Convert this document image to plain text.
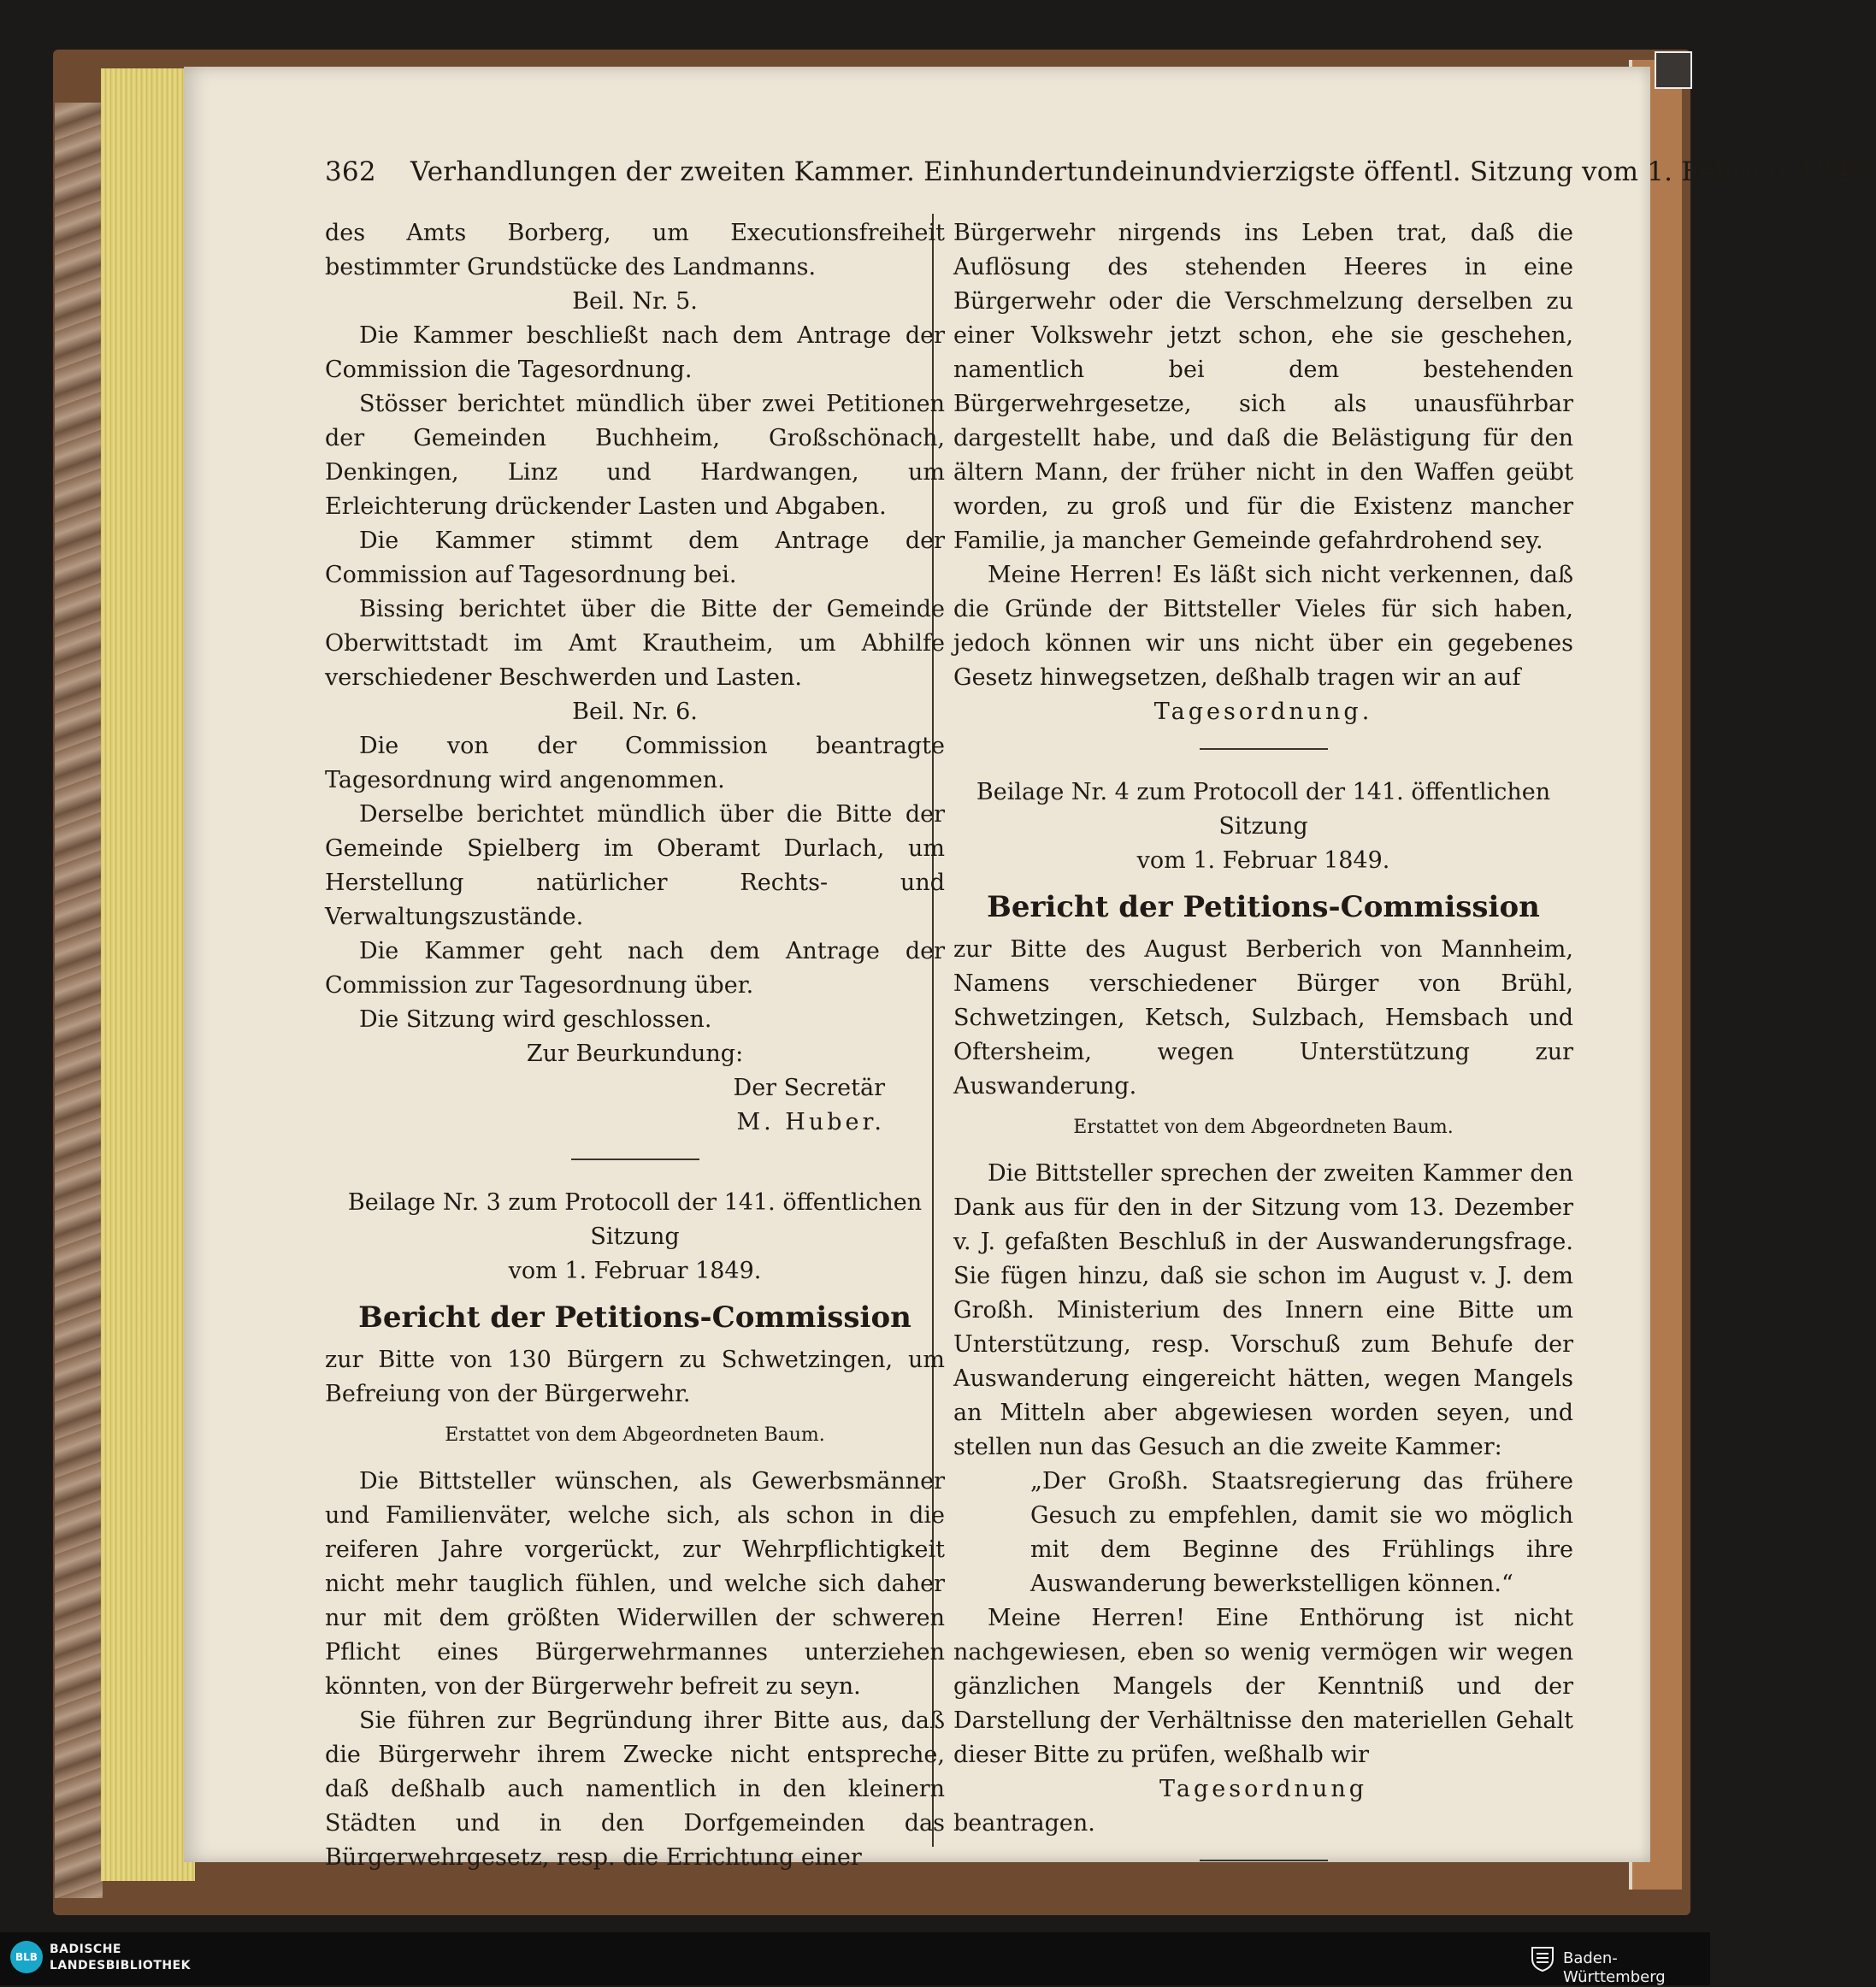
362 Verhandlungen der zweiten Kammer. Einhundertundeinundvierzigste öffentl. Sitzung vom 1. Februar 1849.

des Amts Borberg, um Executionsfreiheit bestimmter Grundstücke des Landmanns.

Beil. Nr. 5.

Die Kammer beschließt nach dem Antrage der Commission die Tagesordnung.

Stösser berichtet mündlich über zwei Petitionen der Gemeinden Buchheim, Großschönach, Denkingen, Linz und Hardwangen, um Erleichterung drückender Lasten und Abgaben.

Die Kammer stimmt dem Antrage der Commission auf Tagesordnung bei.

Bissing berichtet über die Bitte der Gemeinde Oberwittstadt im Amt Krautheim, um Abhilfe verschiedener Beschwerden und Lasten.

Beil. Nr. 6.

Die von der Commission beantragte Tagesordnung wird angenommen.

Derselbe berichtet mündlich über die Bitte der Gemeinde Spielberg im Oberamt Durlach, um Herstellung natürlicher Rechts- und Verwaltungszustände.

Die Kammer geht nach dem Antrage der Commission zur Tagesordnung über.

Die Sitzung wird geschlossen.

Zur Beurkundung:

Der Secretär

M. Huber.

Beilage Nr. 3 zum Protocoll der 141. öffentlichen Sitzung

vom 1. Februar 1849.

Bericht der Petitions-Commission

zur Bitte von 130 Bürgern zu Schwetzingen, um Befreiung von der Bürgerwehr.

Erstattet von dem Abgeordneten Baum.

Die Bittsteller wünschen, als Gewerbsmänner und Familienväter, welche sich, als schon in die reiferen Jahre vorgerückt, zur Wehrpflichtigkeit nicht mehr tauglich fühlen, und welche sich daher nur mit dem größten Widerwillen der schweren Pflicht eines Bürgerwehrmannes unterziehen könnten, von der Bürgerwehr befreit zu seyn.

Sie führen zur Begründung ihrer Bitte aus, daß die Bürgerwehr ihrem Zwecke nicht entspreche, daß deßhalb auch namentlich in den kleinern Städten und in den Dorfgemeinden das Bürgerwehrgesetz, resp. die Errichtung einer

Bürgerwehr nirgends ins Leben trat, daß die Auflösung des stehenden Heeres in eine Bürgerwehr oder die Verschmelzung derselben zu einer Volkswehr jetzt schon, ehe sie geschehen, namentlich bei dem bestehenden Bürgerwehrgesetze, sich als unausführbar dargestellt habe, und daß die Belästigung für den ältern Mann, der früher nicht in den Waffen geübt worden, zu groß und für die Existenz mancher Familie, ja mancher Gemeinde gefahrdrohend sey.

Meine Herren! Es läßt sich nicht verkennen, daß die Gründe der Bittsteller Vieles für sich haben, jedoch können wir uns nicht über ein gegebenes Gesetz hinwegsetzen, deßhalb tragen wir an auf

Tagesordnung.

Beilage Nr. 4 zum Protocoll der 141. öffentlichen Sitzung

vom 1. Februar 1849.

Bericht der Petitions-Commission

zur Bitte des August Berberich von Mannheim, Namens verschiedener Bürger von Brühl, Schwetzingen, Ketsch, Sulzbach, Hemsbach und Oftersheim, wegen Unterstützung zur Auswanderung.

Erstattet von dem Abgeordneten Baum.

Die Bittsteller sprechen der zweiten Kammer den Dank aus für den in der Sitzung vom 13. Dezember v. J. gefaßten Beschluß in der Auswanderungsfrage. Sie fügen hinzu, daß sie schon im August v. J. dem Großh. Ministerium des Innern eine Bitte um Unterstützung, resp. Vorschuß zum Behufe der Auswanderung eingereicht hätten, wegen Mangels an Mitteln aber abgewiesen worden seyen, und stellen nun das Gesuch an die zweite Kammer:

„Der Großh. Staatsregierung das frühere Gesuch zu empfehlen, damit sie wo möglich mit dem Beginne des Frühlings ihre Auswanderung bewerkstelligen können.“

Meine Herren! Eine Enthörung ist nicht nachgewiesen, eben so wenig vermögen wir wegen gänzlichen Mangels der Kenntniß und der Darstellung der Verhältnisse den materiellen Gehalt dieser Bitte zu prüfen, weßhalb wir

Tagesordnung

beantragen.

BLB
BADISCHE
LANDESBIBLIOTHEK	Baden-Württemberg
